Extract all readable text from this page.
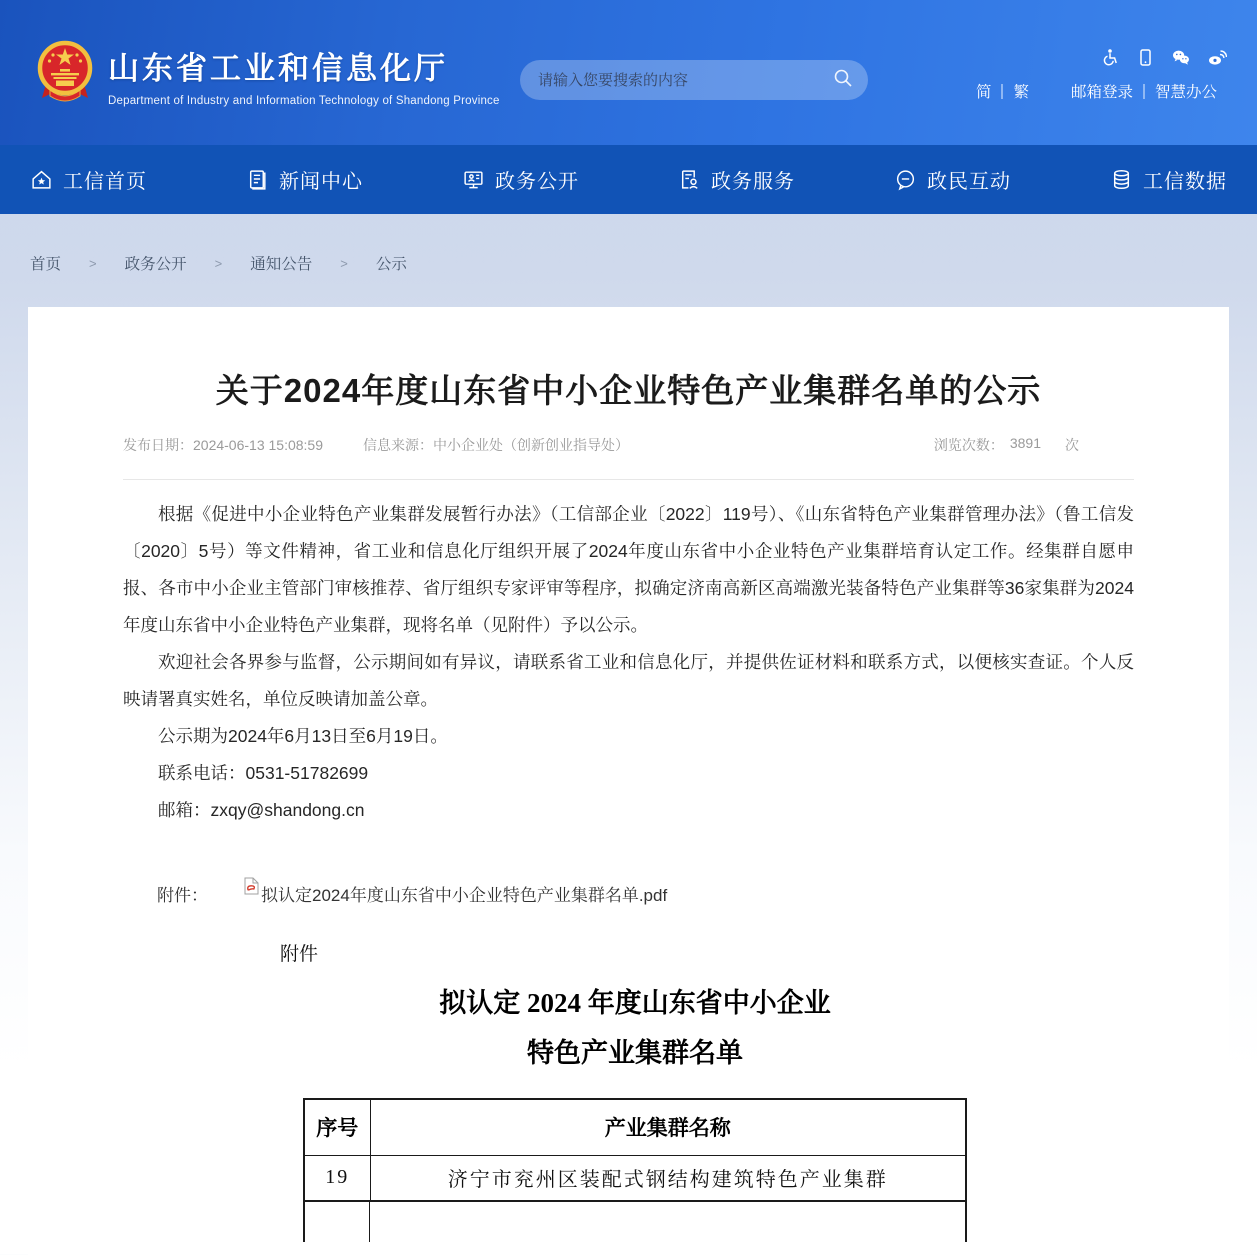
山东省工业和信息化厅
Department of Industry and Information Technology of Shandong Province
请输入您要搜索的内容	简	繁	邮箱登录	智慧办公
工信首页	新闻中心	政务公开	政务服务	政民互动	工信数据
首页 > 政务公开 > 通知公告 > 公示
关于2024年度山东省中小企业特色产业集群名单的公示
发布日期：2024-06-13 15:08:59	信息来源：中小企业处（创新创业指导处）	浏览次数： 3891 次

根据《促进中小企业特色产业集群发展暂行办法》（工信部企业〔2022〕119号）、《山东省特色产业集群管理办法》（鲁工信发〔2020〕5号）等文件精神，省工业和信息化厅组织开展了2024年度山东省中小企业特色产业集群培育认定工作。经集群自愿申报、各市中小企业主管部门审核推荐、省厅组织专家评审等程序，拟确定济南高新区高端激光装备特色产业集群等36家集群为2024年度山东省中小企业特色产业集群，现将名单（见附件）予以公示。

欢迎社会各界参与监督，公示期间如有异议，请联系省工业和信息化厅，并提供佐证材料和联系方式，以便核实查证。个人反映请署真实姓名，单位反映请加盖公章。

公示期为2024年6月13日至6月19日。

联系电话：0531-51782699

邮箱：zxqy@shandong.cn

附件：	拟认定2024年度山东省中小企业特色产业集群名单.pdf
附件
拟认定 2024 年度山东省中小企业
特色产业集群名单
序号	产业集群名称
19	济宁市兖州区装配式钢结构建筑特色产业集群
